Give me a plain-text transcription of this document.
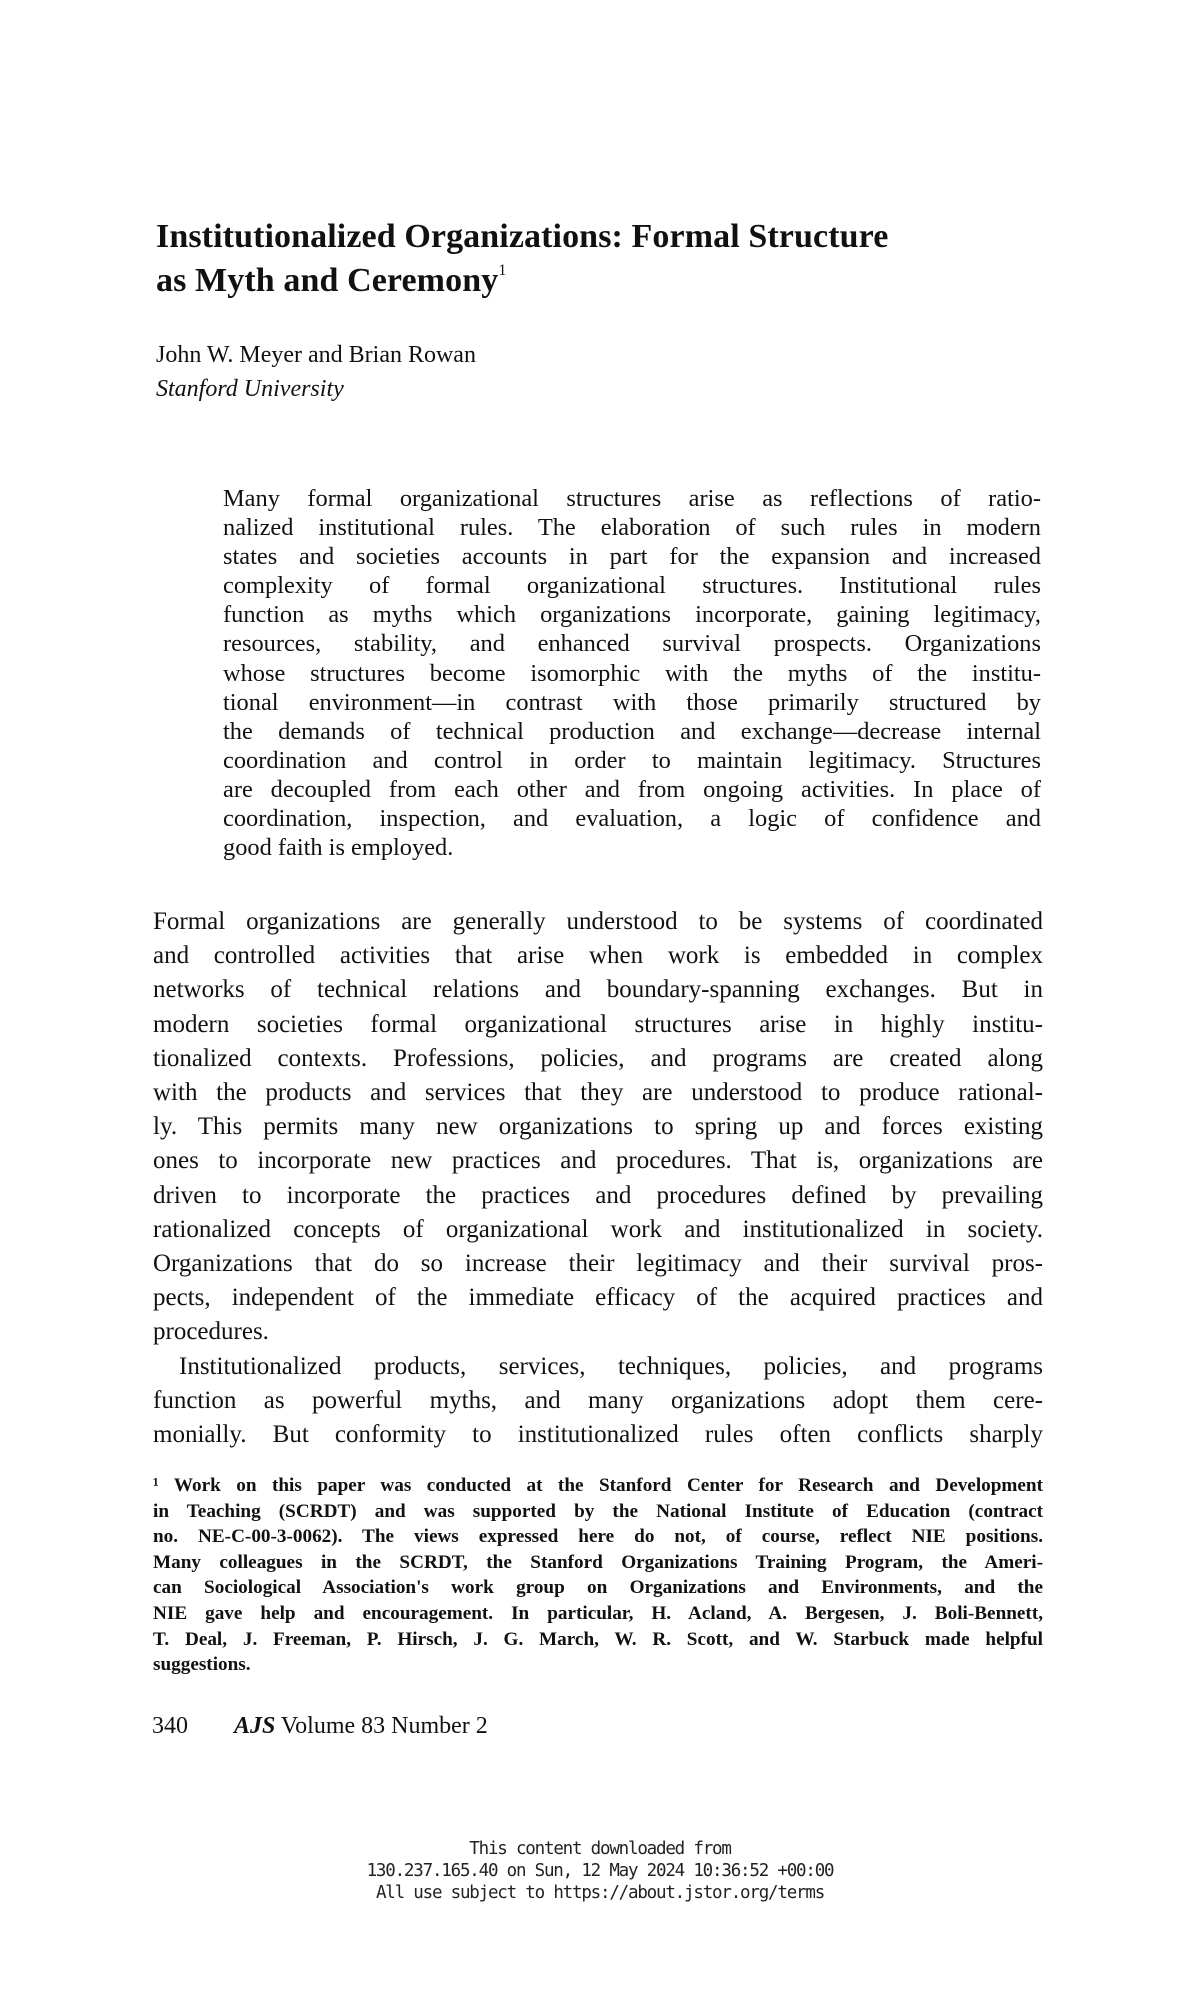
Institutionalized Organizations: Formal Structure
as Myth and Ceremony$^1$
John W. Meyer and Brian Rowan
Stanford University
Many formal organizational structures arise as reflections of ratio-
nalized institutional rules. The elaboration of such rules in modern
states and societies accounts in part for the expansion and increased
complexity of formal organizational structures. Institutional rules
function as myths which organizations incorporate, gaining legitimacy,
resources, stability, and enhanced survival prospects. Organizations
whose structures become isomorphic with the myths of the institu-
tional environment—in contrast with those primarily structured by
the demands of technical production and exchange—decrease internal
coordination and control in order to maintain legitimacy. Structures
are decoupled from each other and from ongoing activities. In place of
coordination, inspection, and evaluation, a logic of confidence and
good faith is employed.
Formal organizations are generally understood to be systems of coordinated
and controlled activities that arise when work is embedded in complex
networks of technical relations and boundary-spanning exchanges. But in
modern societies formal organizational structures arise in highly institu-
tionalized contexts. Professions, policies, and programs are created along
with the products and services that they are understood to produce rational-
ly. This permits many new organizations to spring up and forces existing
ones to incorporate new practices and procedures. That is, organizations are
driven to incorporate the practices and procedures defined by prevailing
rationalized concepts of organizational work and institutionalized in society.
Organizations that do so increase their legitimacy and their survival pros-
pects, independent of the immediate efficacy of the acquired practices and
procedures.
Institutionalized products, services, techniques, policies, and programs
function as powerful myths, and many organizations adopt them cere-
monially. But conformity to institutionalized rules often conflicts sharply
¹ Work on this paper was conducted at the Stanford Center for Research and Development
in Teaching (SCRDT) and was supported by the National Institute of Education (contract
no. NE-C-00-3-0062). The views expressed here do not, of course, reflect NIE positions.
Many colleagues in the SCRDT, the Stanford Organizations Training Program, the Ameri-
can Sociological Association's work group on Organizations and Environments, and the
NIE gave help and encouragement. In particular, H. Acland, A. Bergesen, J. Boli-Bennett,
T. Deal, J. Freeman, P. Hirsch, J. G. March, W. R. Scott, and W. Starbuck made helpful
suggestions.
340 AJS Volume 83 Number 2
This content downloaded from
130.237.165.40 on Sun, 12 May 2024 10:36:52 +00:00
All use subject to https://about.jstor.org/terms
